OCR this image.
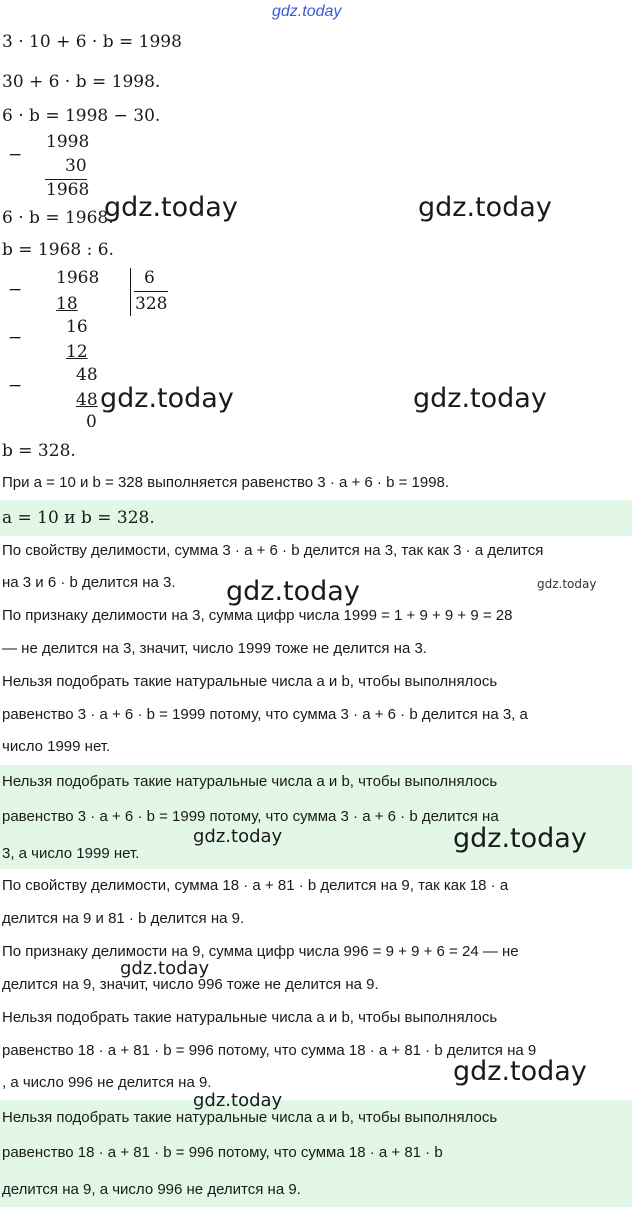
gdz.today
3 · 10 + 6 · b = 1998
30 + 6 · b = 1998.
6 · b = 1998 − 30.
−
1998
30
1968
6 · b = 1968.
b = 1968 : 6.
−
1968
18
6
328
−
16
12
−
48
48
0
b = 328.
При a = 10 и b = 328 выполняется равенство 3 · a + 6 · b = 1998.
a = 10 и b = 328.
По свойству делимости, сумма 3 · a + 6 · b делится на 3, так как 3 · a делится
на 3 и 6 · b делится на 3.
По признаку делимости на 3, сумма цифр числа 1999 = 1 + 9 + 9 + 9 = 28
— не делится на 3, значит, число 1999 тоже не делится на 3.
Нельзя подобрать такие натуральные числа a и b, чтобы выполнялось
равенство 3 · a + 6 · b = 1999 потому, что сумма 3 · a + 6 · b делится на 3, а
число 1999 нет.
Нельзя подобрать такие натуральные числа a и b, чтобы выполнялось
равенство 3 · a + 6 · b = 1999 потому, что сумма 3 · a + 6 · b делится на
3, а число 1999 нет.
По свойству делимости, сумма 18 · a + 81 · b делится на 9, так как 18 · a
делится на 9 и 81 · b делится на 9.
По признаку делимости на 9, сумма цифр числа 996 = 9 + 9 + 6 = 24 — не
делится на 9, значит, число 996 тоже не делится на 9.
Нельзя подобрать такие натуральные числа a и b, чтобы выполнялось
равенство 18 · a + 81 · b = 996 потому, что сумма 18 · a + 81 · b делится на 9
, а число 996 не делится на 9.
Нельзя подобрать такие натуральные числа a и b, чтобы выполнялось
равенство 18 · a + 81 · b = 996 потому, что сумма 18 · a + 81 · b
делится на 9, а число 996 не делится на 9.
gdz.today	gdz.today
gdz.today	gdz.today
gdz.today	gdz.today
gdz.today	gdz.today
gdz.today
gdz.today
gdz.today
